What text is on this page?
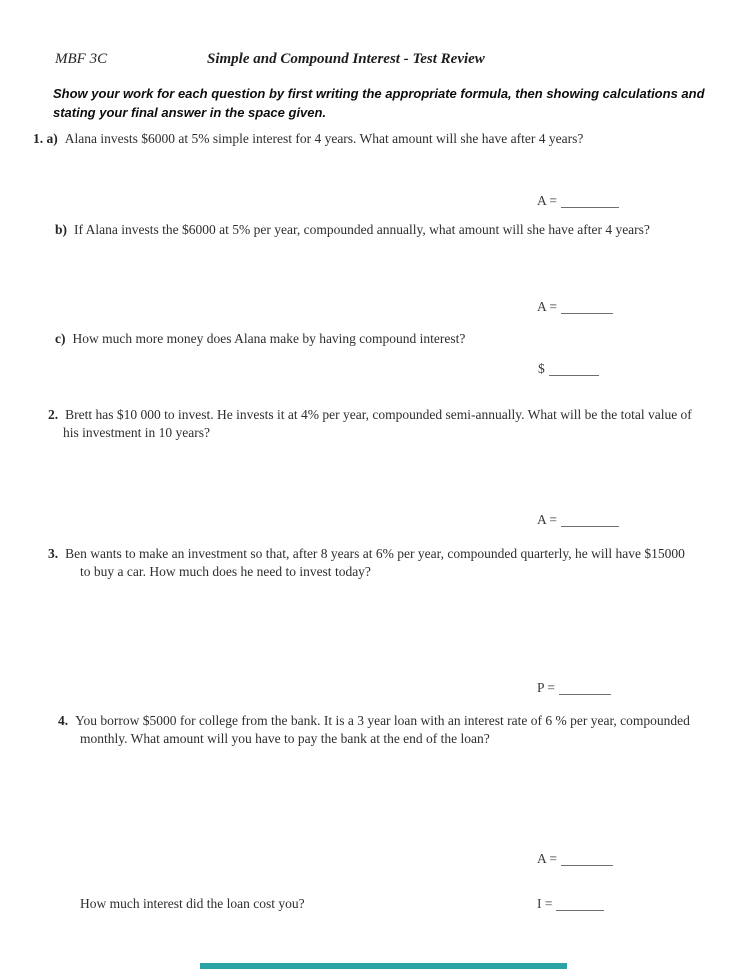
MBF 3C	Simple and Compound Interest - Test Review
Show your work for each question by first writing the appropriate formula, then showing calculations and
stating your final answer in the space given.
1. a) Alana invests $6000 at 5% simple interest for 4 years. What amount will she have after 4 years?
A =
b) If Alana invests the $6000 at 5% per year, compounded annually, what amount will she have after 4 years?
A =
c) How much more money does Alana make by having compound interest?
$
2. Brett has $10 000 to invest. He invests it at 4% per year, compounded semi-annually. What will be the total value of
his investment in 10 years?
A =
3. Ben wants to make an investment so that, after 8 years at 6% per year, compounded quarterly, he will have $15000
to buy a car. How much does he need to invest today?
P =
4. You borrow $5000 for college from the bank. It is a 3 year loan with an interest rate of 6 % per year, compounded
monthly. What amount will you have to pay the bank at the end of the loan?
A =
How much interest did the loan cost you?	I =
